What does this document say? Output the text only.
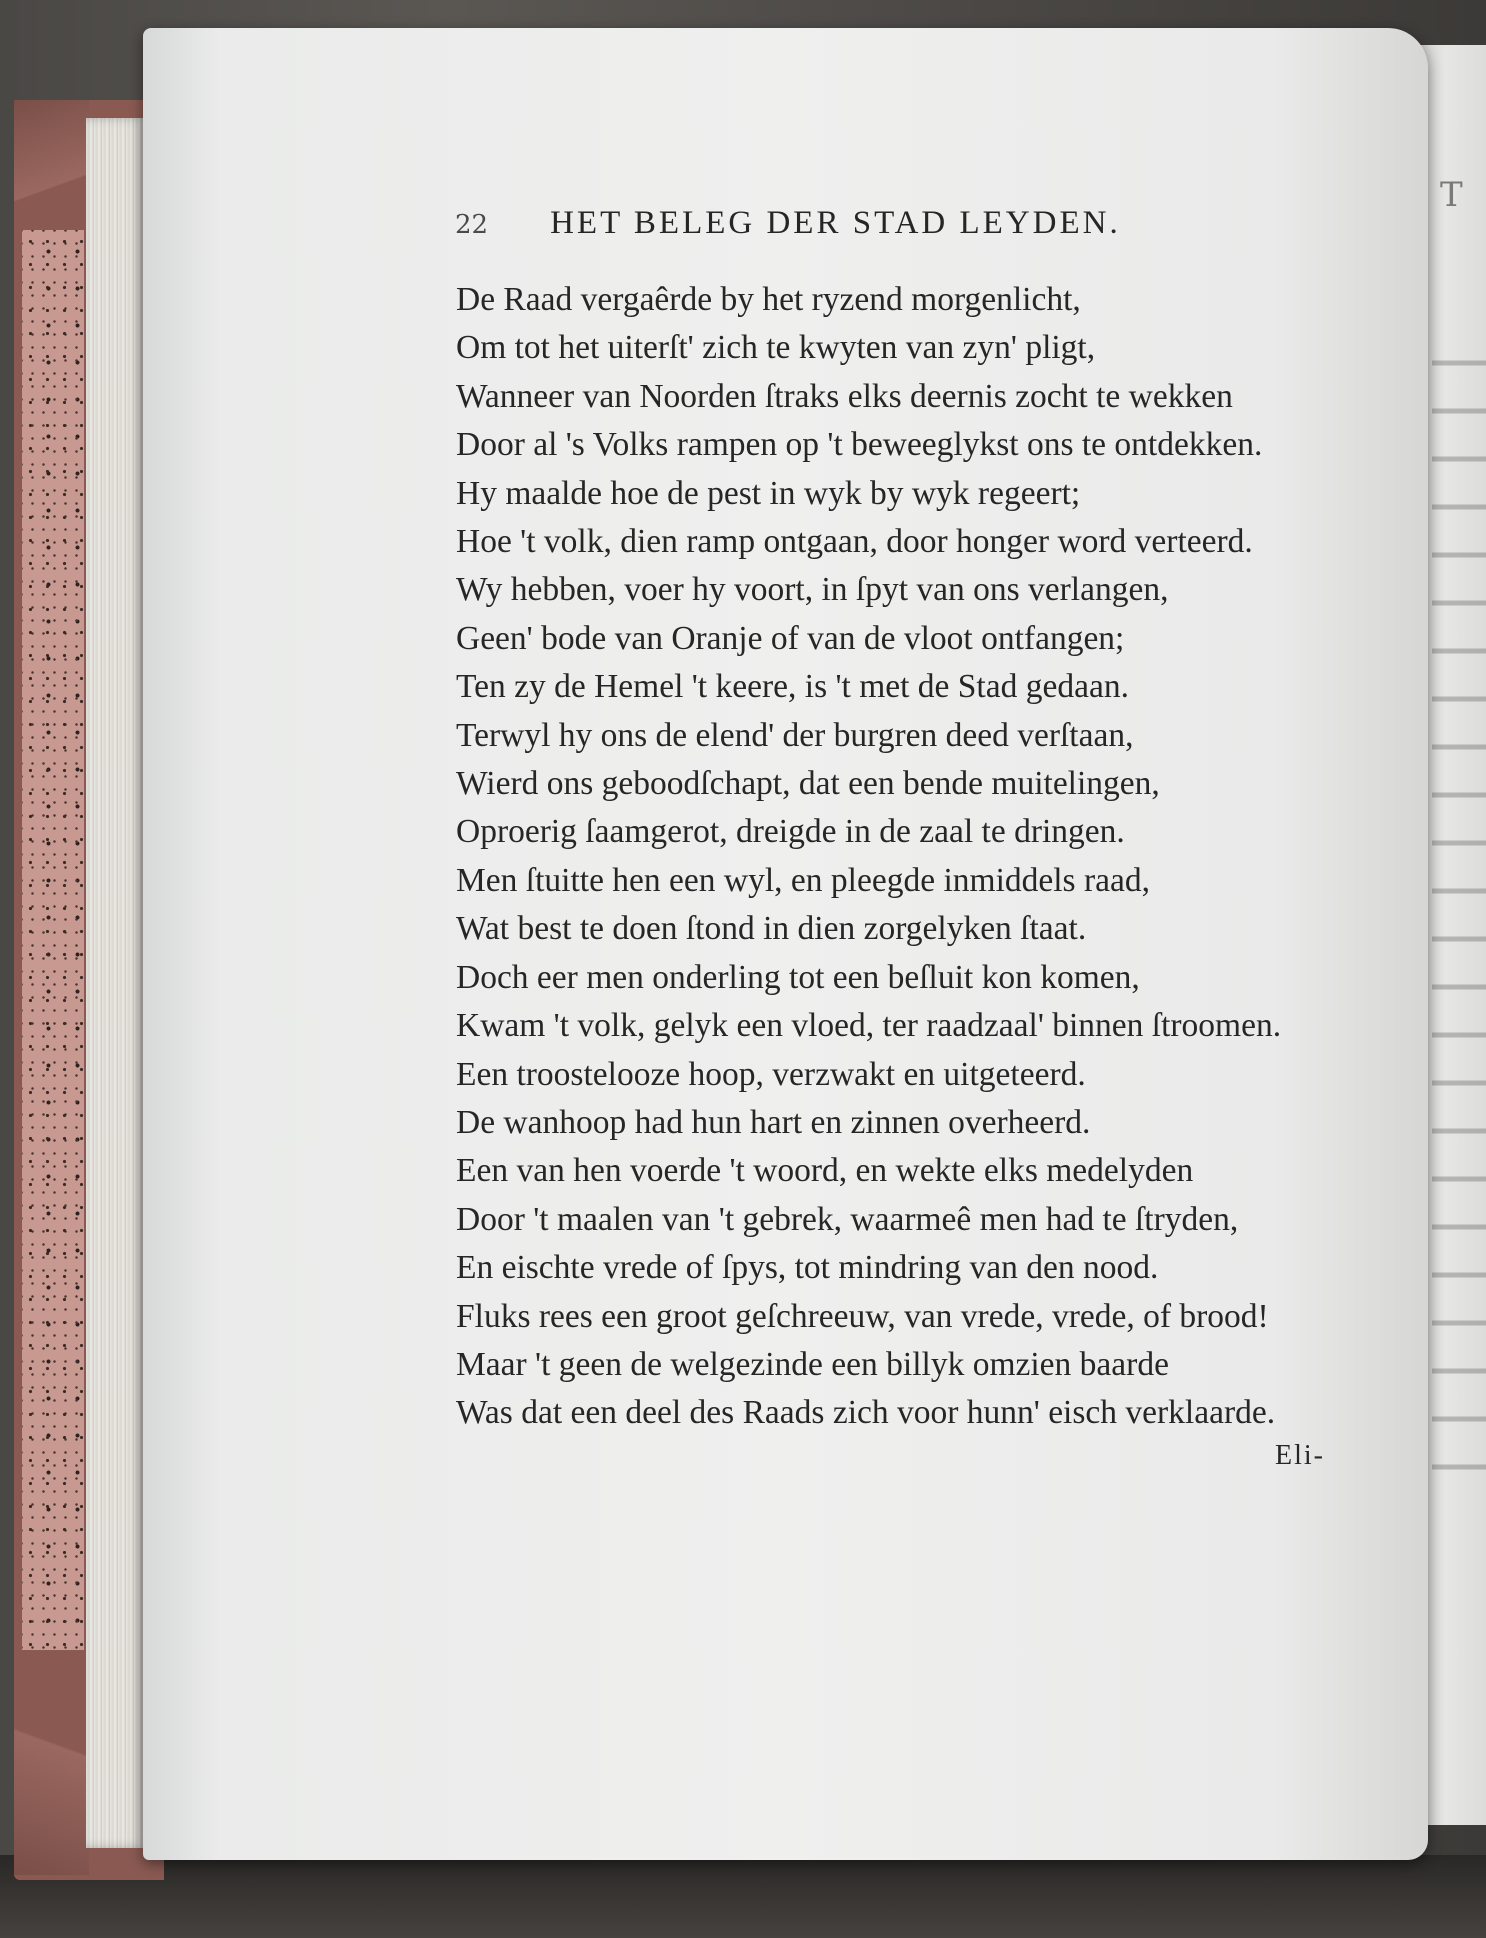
T
22 HET BELEG DER STAD LEYDEN.
De Raad vergaêrde by het ryzend morgenlicht,
Om tot het uiterſt' zich te kwyten van zyn' pligt,
Wanneer van Noorden ſtraks elks deernis zocht te wekken
Door al 's Volks rampen op 't beweeglykst ons te ontdekken.
Hy maalde hoe de pest in wyk by wyk regeert;
Hoe 't volk, dien ramp ontgaan, door honger word verteerd.
Wy hebben, voer hy voort, in ſpyt van ons verlangen,
Geen' bode van Oranje of van de vloot ontfangen;
Ten zy de Hemel 't keere, is 't met de Stad gedaan.
Terwyl hy ons de elend' der burgren deed verſtaan,
Wierd ons geboodſchapt, dat een bende muitelingen,
Oproerig ſaamgerot, dreigde in de zaal te dringen.
Men ſtuitte hen een wyl, en pleegde inmiddels raad,
Wat best te doen ſtond in dien zorgelyken ſtaat.
Doch eer men onderling tot een beſluit kon komen,
Kwam 't volk, gelyk een vloed, ter raadzaal' binnen ſtroomen.
Een troostelooze hoop, verzwakt en uitgeteerd.
De wanhoop had hun hart en zinnen overheerd.
Een van hen voerde 't woord, en wekte elks medelyden
Door 't maalen van 't gebrek, waarmeê men had te ſtryden,
En eischte vrede of ſpys, tot mindring van den nood.
Fluks rees een groot geſchreeuw, van vrede, vrede, of brood!
Maar 't geen de welgezinde een billyk omzien baarde
Was dat een deel des Raads zich voor hunn' eisch verklaarde.
Eli-
